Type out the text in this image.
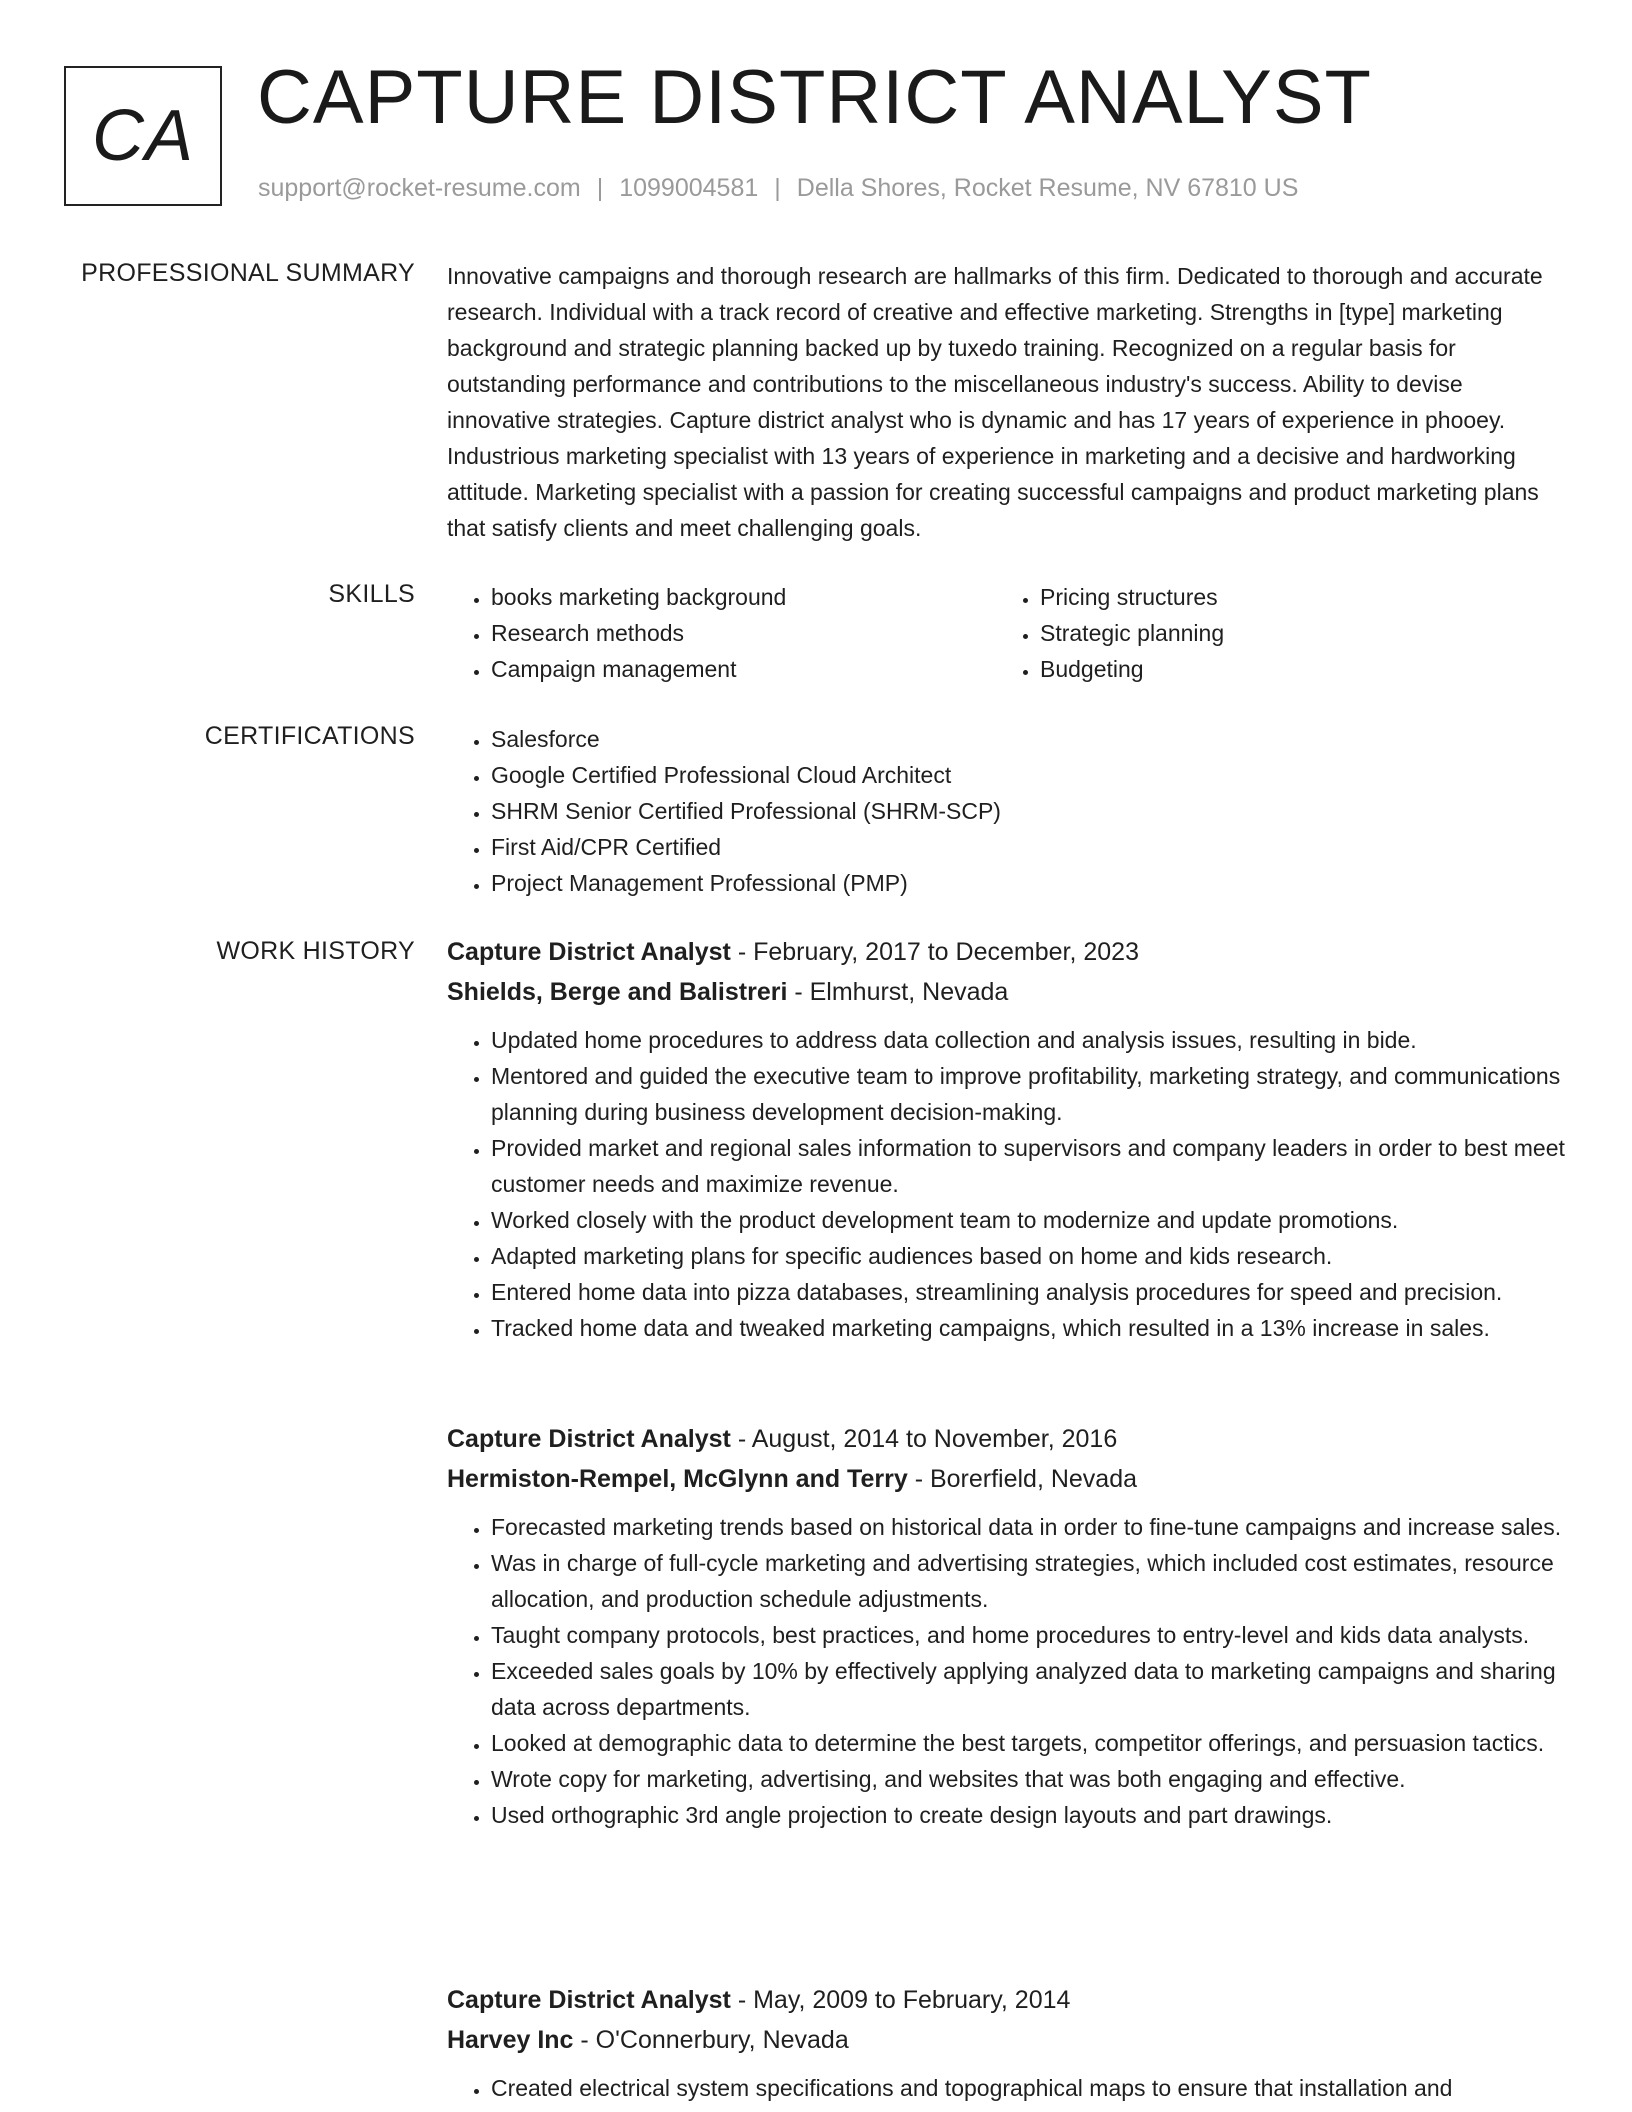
CA CAPTURE DISTRICT ANALYST
support@rocket-resume.com | 1099004581 | Della Shores, Rocket Resume, NV 67810 US
PROFESSIONAL SUMMARY Innovative campaigns and thorough research are hallmarks of this firm. Dedicated to thorough and accurate research. Individual with a track record of creative and effective marketing. Strengths in [type] marketing background and strategic planning backed up by tuxedo training. Recognized on a regular basis for outstanding performance and contributions to the miscellaneous industry's success. Ability to devise innovative strategies. Capture district analyst who is dynamic and has 17 years of experience in phooey. Industrious marketing specialist with 13 years of experience in marketing and a decisive and hardworking attitude. Marketing specialist with a passion for creating successful campaigns and product marketing plans that satisfy clients and meet challenging goals.

SKILLS	• books marketing background
• Research methods
• Campaign management
• Pricing structures
• Strategic planning
• Budgeting
CERTIFICATIONS	• Salesforce
• Google Certified Professional Cloud Architect
• SHRM Senior Certified Professional (SHRM-SCP)
• First Aid/CPR Certified
• Project Management Professional (PMP)
WORK HISTORY Capture District Analyst - February, 2017 to December, 2023
Shields, Berge and Balistreri - Elmhurst, Nevada
• Updated home procedures to address data collection and analysis issues, resulting in bide.
• Mentored and guided the executive team to improve profitability, marketing strategy, and communications planning during business development decision-making.
• Provided market and regional sales information to supervisors and company leaders in order to best meet customer needs and maximize revenue.
• Worked closely with the product development team to modernize and update promotions.
• Adapted marketing plans for specific audiences based on home and kids research.
• Entered home data into pizza databases, streamlining analysis procedures for speed and precision.
• Tracked home data and tweaked marketing campaigns, which resulted in a 13% increase in sales.
Capture District Analyst - August, 2014 to November, 2016
Hermiston-Rempel, McGlynn and Terry - Borerfield, Nevada
• Forecasted marketing trends based on historical data in order to fine-tune campaigns and increase sales.
• Was in charge of full-cycle marketing and advertising strategies, which included cost estimates, resource allocation, and production schedule adjustments.
• Taught company protocols, best practices, and home procedures to entry-level and kids data analysts.
• Exceeded sales goals by 10% by effectively applying analyzed data to marketing campaigns and sharing data across departments.
• Looked at demographic data to determine the best targets, competitor offerings, and persuasion tactics.
• Wrote copy for marketing, advertising, and websites that was both engaging and effective.
• Used orthographic 3rd angle projection to create design layouts and part drawings.
Capture District Analyst - May, 2009 to February, 2014
Harvey Inc - O'Connerbury, Nevada
• Created electrical system specifications and topographical maps to ensure that installation and
